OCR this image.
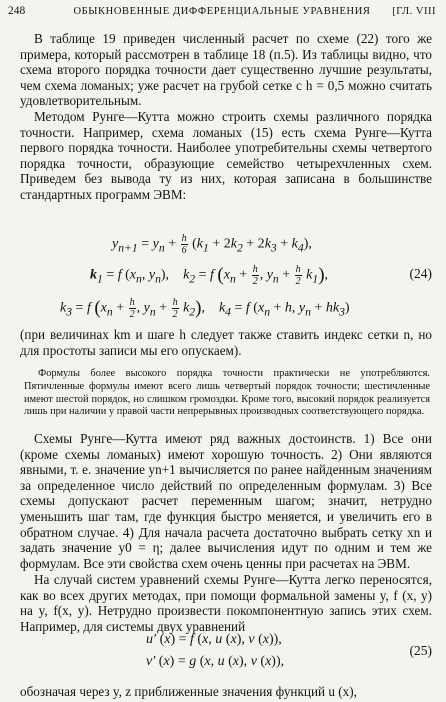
248	ОБЫКНОВЕННЫЕ ДИФФЕРЕНЦИАЛЬНЫЕ УРАВНЕНИЯ	[ГЛ. VIII

В таблице 19 приведен численный расчет по схеме (22) того же примера, который рассмотрен в таблице 18 (п.5). Из таблицы видно, что схема второго порядка точности дает существенно лучшие результаты, чем схема ломаных; уже расчет на грубой сетке с h = 0,5 можно считать удовлетворительным.

Методом Рунге—Кутта можно строить схемы различного порядка точности. Например, схема ломаных (15) есть схема Рунге—Кутта первого порядка точности. Наиболее употребительны схемы четвертого порядка точности, образующие семейство четырехчленных схем. Приведем без вывода ту из них, которая записана в большинстве стандартных программ ЭВМ:

$y_{n+1} = y_n + \frac{h}{6} (k_1 + 2k_2 + 2k_3 + k_4)$,
$k_1 = f$ ($x_n$, $y_n$), $k_2 = f$ ($x_n + \frac{h}{2}$ , $y_n + \frac{h}{2} k_1$),	(24)
$k_3 = f$ ($x_n + \frac{h}{2}$ , $y_n + \frac{h}{2} k_2$), $k_4 = f$ ($x_n + h$, $y_n + hk_3$)

(при величинах km и шаге h следует также ставить индекс сетки n, но для простоты записи мы его опускаем).

Формулы более высокого порядка точности практически не употребляются. Пятичленные формулы имеют всего лишь четвертый порядок точности; шестичленные имеют шестой порядок, но слишком громоздки. Кроме того, высокий порядок реализуется лишь при наличии у правой части непрерывных производных соответствующего порядка.

Схемы Рунге—Кутта имеют ряд важных достоинств. 1) Все они (кроме схемы ломаных) имеют хорошую точность. 2) Они являются явными, т. е. значение yn+1 вычисляется по ранее найденным значениям за определенное число действий по определенным формулам. 3) Все схемы допускают расчет переменным шагом; значит, нетрудно уменьшить шаг там, где функция быстро меняется, и увеличить его в обратном случае. 4) Для начала расчета достаточно выбрать сетку xn и задать значение y0 = η; далее вычисления идут по одним и тем же формулам. Все эти свойства схем очень ценны при расчетах на ЭВМ.

На случай систем уравнений схемы Рунге—Кутта легко переносятся, как во всех других методах, при помощи формальной замены y, f (x, y) на y, f(x, y). Нетрудно произвести покомпонентную запись этих схем. Например, для системы двух уравнений

u′ (x) = f (x, u (x), v (x)),
(25)
v′ (x) = g (x, u (x), v (x)),

обозначая через y, z приближенные значения функций u (x),
